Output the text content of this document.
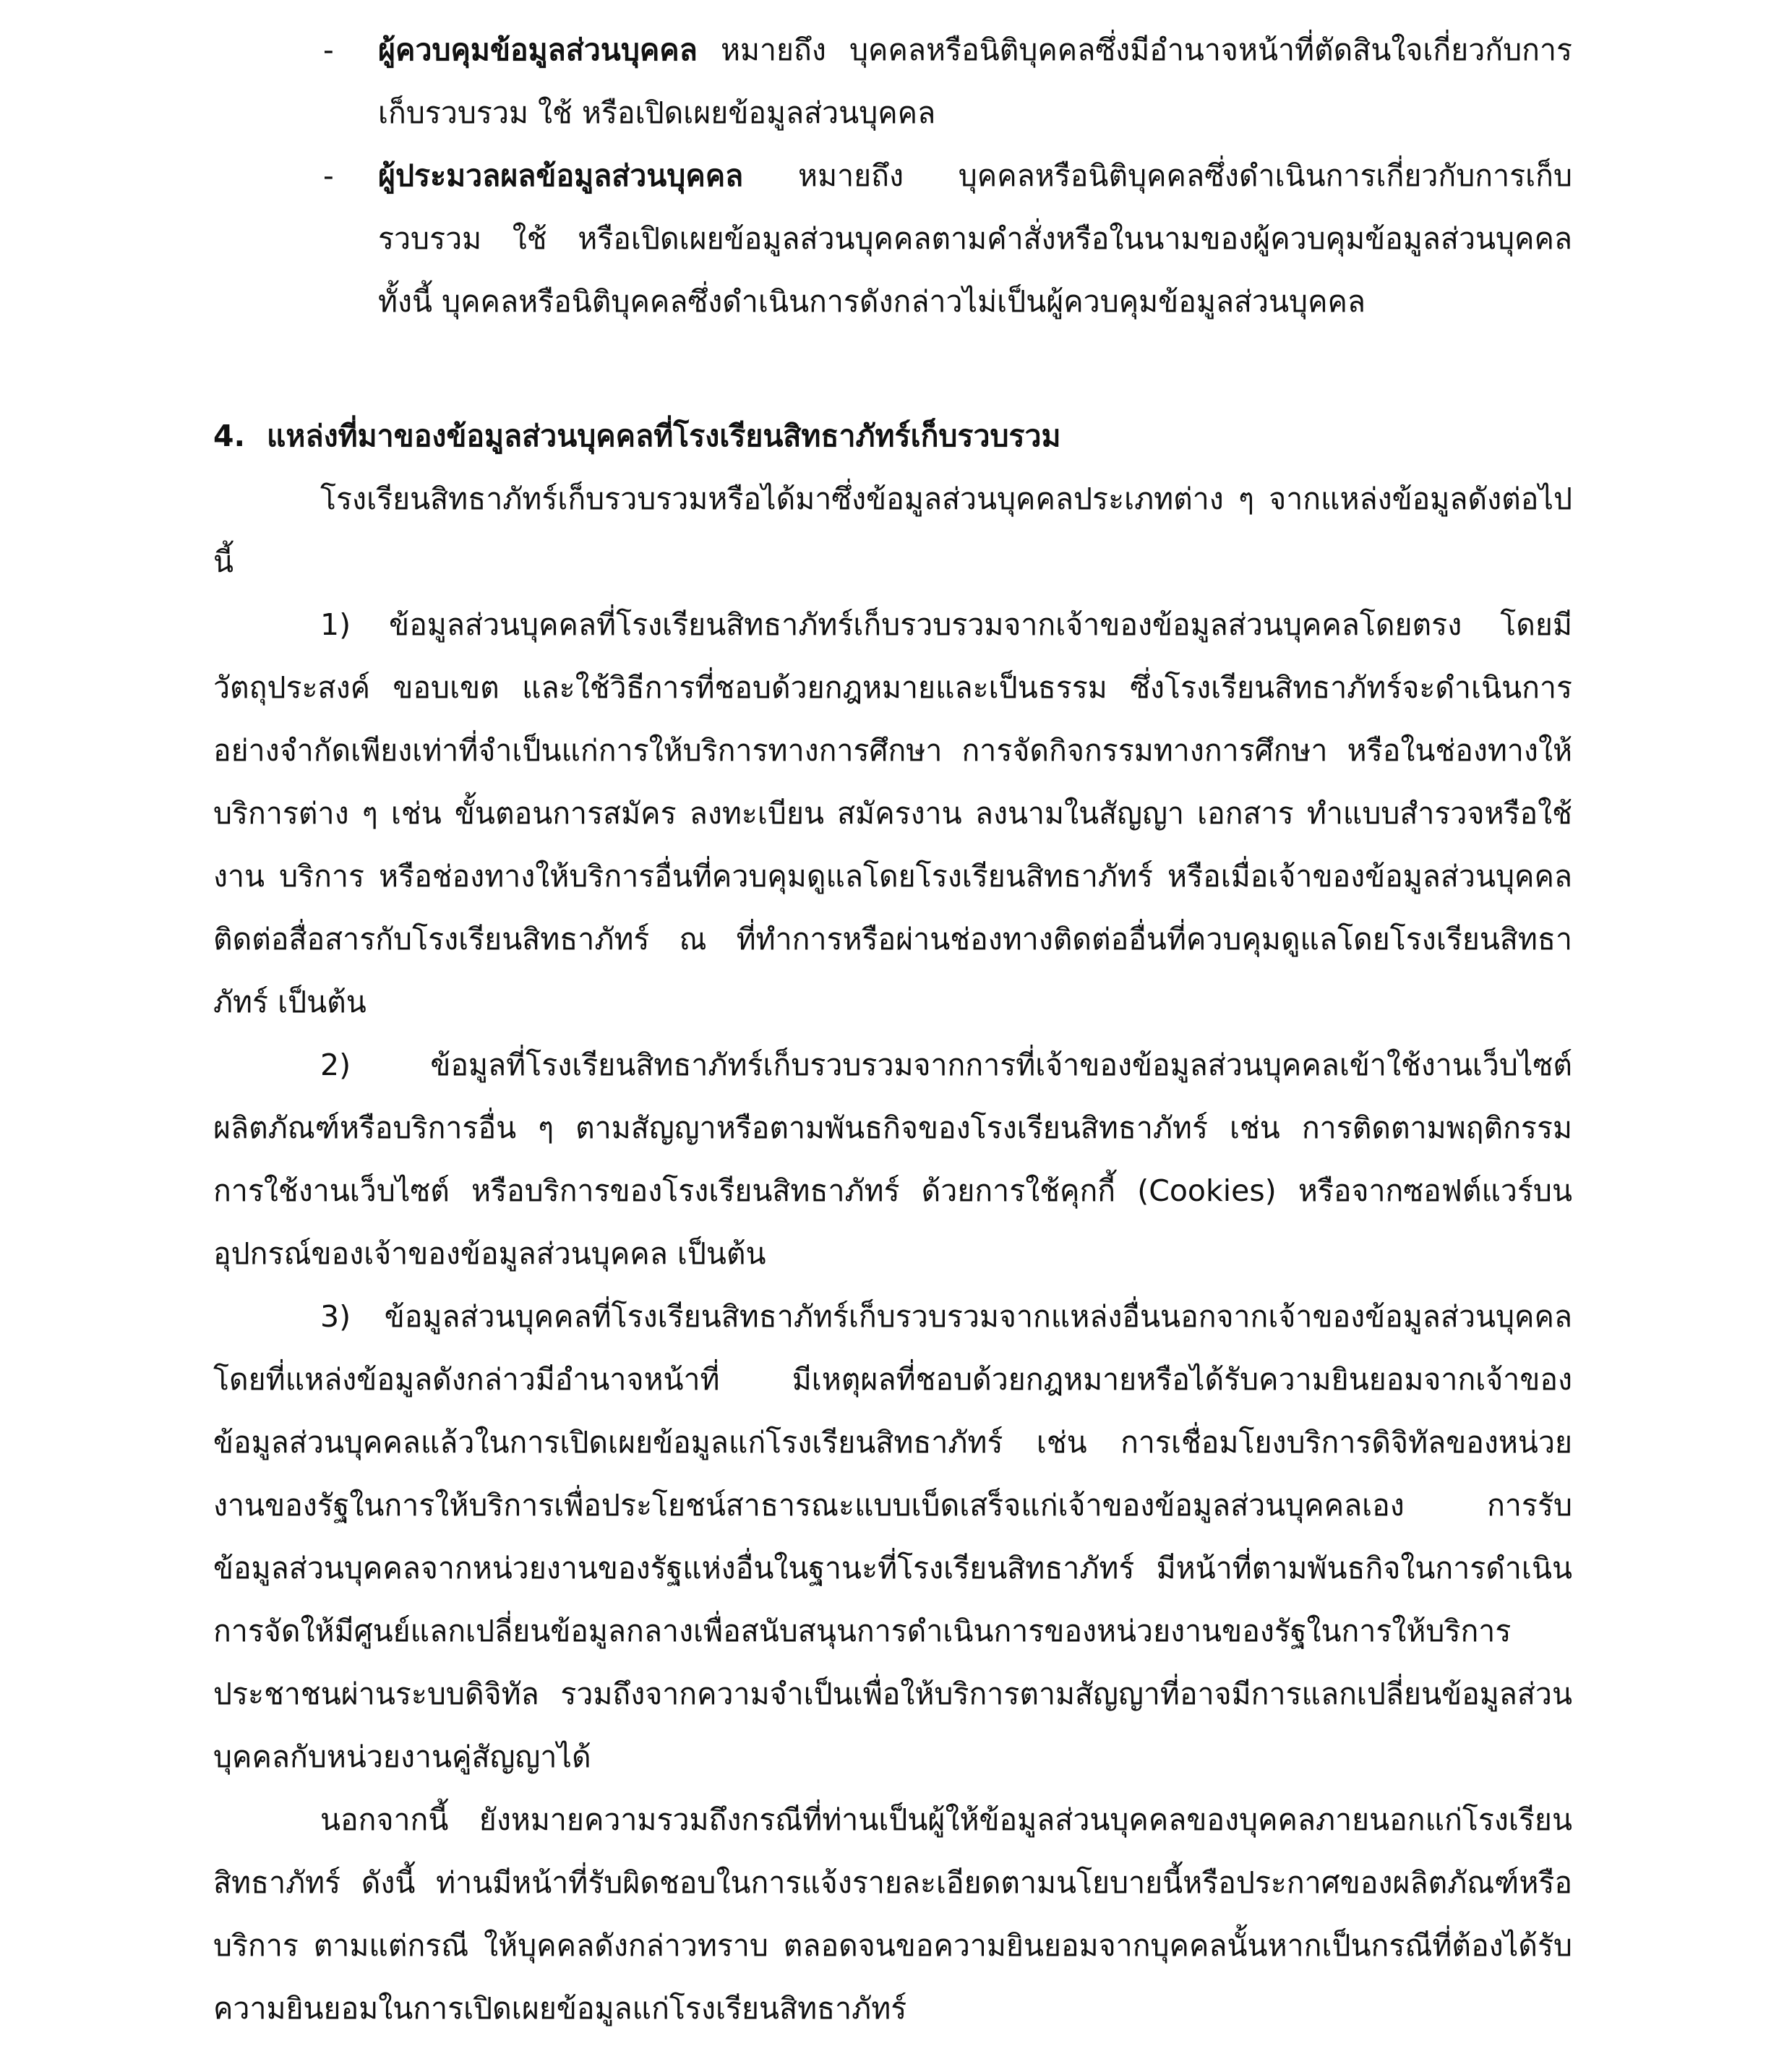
- ผู้ควบคุมข้อมูลส่วนบุคคล หมายถึง บุคคลหรือนิติบุคคลซึ่งมีอำนาจหน้าที่ตัดสินใจเกี่ยวกับการเก็บรวบรวม ใช้ หรือเปิดเผยข้อมูลส่วนบุคคล
- ผู้ประมวลผลข้อมูลส่วนบุคคล หมายถึง บุคคลหรือนิติบุคคลซึ่งดำเนินการเกี่ยวกับการเก็บรวบรวม ใช้ หรือเปิดเผยข้อมูลส่วนบุคคลตามคำสั่งหรือในนามของผู้ควบคุมข้อมูลส่วนบุคคล ทั้งนี้ บุคคลหรือนิติบุคคลซึ่งดำเนินการดังกล่าวไม่เป็นผู้ควบคุมข้อมูลส่วนบุคคล
4. แหล่งที่มาของข้อมูลส่วนบุคคลที่โรงเรียนสิทธาภัทร์เก็บรวบรวม

โรงเรียนสิทธาภัทร์เก็บรวบรวมหรือได้มาซึ่งข้อมูลส่วนบุคคลประเภทต่าง ๆ จากแหล่งข้อมูลดังต่อไปนี้

1) ข้อมูลส่วนบุคคลที่โรงเรียนสิทธาภัทร์เก็บรวบรวมจากเจ้าของข้อมูลส่วนบุคคลโดยตรง โดยมีวัตถุประสงค์ ขอบเขต และใช้วิธีการที่ชอบด้วยกฎหมายและเป็นธรรม ซึ่งโรงเรียนสิทธาภัทร์จะดำเนินการอย่างจำกัดเพียงเท่าที่จำเป็นแก่การให้บริการทางการศึกษา การจัดกิจกรรมทางการศึกษา หรือในช่องทางให้บริการต่าง ๆ เช่น ขั้นตอนการสมัคร ลงทะเบียน สมัครงาน ลงนามในสัญญา เอกสาร ทำแบบสำรวจหรือใช้งาน บริการ หรือช่องทางให้บริการอื่นที่ควบคุมดูแลโดยโรงเรียนสิทธาภัทร์ หรือเมื่อเจ้าของข้อมูลส่วนบุคคลติดต่อสื่อสารกับโรงเรียนสิทธาภัทร์ ณ ที่ทำการหรือผ่านช่องทางติดต่ออื่นที่ควบคุมดูแลโดยโรงเรียนสิทธาภัทร์ เป็นต้น

2) ข้อมูลที่โรงเรียนสิทธาภัทร์เก็บรวบรวมจากการที่เจ้าของข้อมูลส่วนบุคคลเข้าใช้งานเว็บไซต์ ผลิตภัณฑ์หรือบริการอื่น ๆ ตามสัญญาหรือตามพันธกิจของโรงเรียนสิทธาภัทร์ เช่น การติดตามพฤติกรรมการใช้งานเว็บไซต์ หรือบริการของโรงเรียนสิทธาภัทร์ ด้วยการใช้คุกกี้ (Cookies) หรือจากซอฟต์แวร์บนอุปกรณ์ของเจ้าของข้อมูลส่วนบุคคล เป็นต้น

3) ข้อมูลส่วนบุคคลที่โรงเรียนสิทธาภัทร์เก็บรวบรวมจากแหล่งอื่นนอกจากเจ้าของข้อมูลส่วนบุคคล โดยที่แหล่งข้อมูลดังกล่าวมีอำนาจหน้าที่ มีเหตุผลที่ชอบด้วยกฎหมายหรือได้รับความยินยอมจากเจ้าของข้อมูลส่วนบุคคลแล้วในการเปิดเผยข้อมูลแก่โรงเรียนสิทธาภัทร์ เช่น การเชื่อมโยงบริการดิจิทัลของหน่วยงานของรัฐในการให้บริการเพื่อประโยชน์สาธารณะแบบเบ็ดเสร็จแก่เจ้าของข้อมูลส่วนบุคคลเอง การรับข้อมูลส่วนบุคคลจากหน่วยงานของรัฐแห่งอื่นในฐานะที่โรงเรียนสิทธาภัทร์ มีหน้าที่ตามพันธกิจในการดำเนินการจัดให้มีศูนย์แลกเปลี่ยนข้อมูลกลางเพื่อสนับสนุนการดำเนินการของหน่วยงานของรัฐในการให้บริการประชาชนผ่านระบบดิจิทัล รวมถึงจากความจำเป็นเพื่อให้บริการตามสัญญาที่อาจมีการแลกเปลี่ยนข้อมูลส่วนบุคคลกับหน่วยงานคู่สัญญาได้

นอกจากนี้ ยังหมายความรวมถึงกรณีที่ท่านเป็นผู้ให้ข้อมูลส่วนบุคคลของบุคคลภายนอกแก่โรงเรียนสิทธาภัทร์ ดังนี้ ท่านมีหน้าที่รับผิดชอบในการแจ้งรายละเอียดตามนโยบายนี้หรือประกาศของผลิตภัณฑ์หรือบริการ ตามแต่กรณี ให้บุคคลดังกล่าวทราบ ตลอดจนขอความยินยอมจากบุคคลนั้นหากเป็นกรณีที่ต้องได้รับความยินยอมในการเปิดเผยข้อมูลแก่โรงเรียนสิทธาภัทร์
